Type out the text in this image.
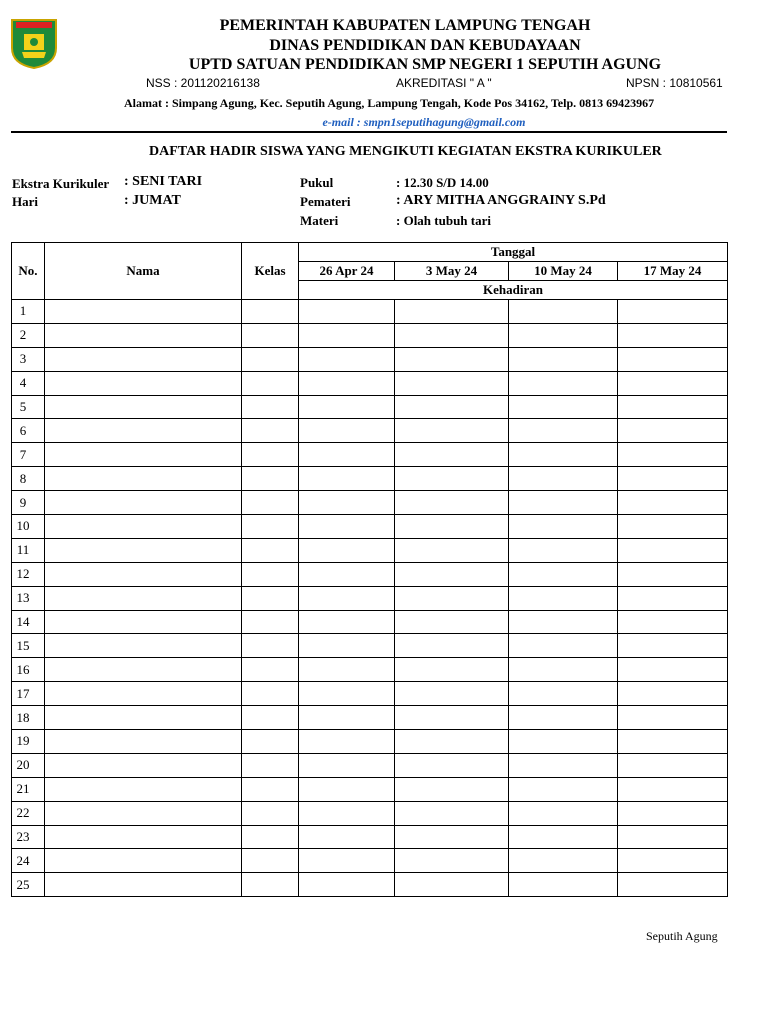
PEMERINTAH KABUPATEN LAMPUNG TENGAH
DINAS PENDIDIKAN DAN KEBUDAYAAN
UPTD SATUAN PENDIDIKAN SMP NEGERI 1 SEPUTIH AGUNG
NSS : 201120216138	AKREDITASI " A "	NPSN : 10810561
Alamat : Simpang Agung, Kec. Seputih Agung, Lampung Tengah, Kode Pos 34162, Telp. 0813 69423967
e-mail : smpn1seputihagung@gmail.com
DAFTAR HADIR SISWA YANG MENGIKUTI KEGIATAN EKSTRA KURIKULER
Ekstra Kurikuler : SENI TARI
Hari	: JUMAT
Pukul	: 12.30 S/D 14.00
Pemateri	: ARY MITHA ANGGRAINY S.Pd
Materi	: Olah tubuh tari
No.	Nama	Kelas	Tanggal			
			26 Apr 24	3 May 24	10 May 24	17 May 24
			Kehadiran			
1						
2						
3						
4						
5						
6						
7						
8						
9						
10						
11						
12						
13						
14						
15						
16						
17						
18						
19						
20						
21						
22						
23						
24						
25						
Seputih Agung
